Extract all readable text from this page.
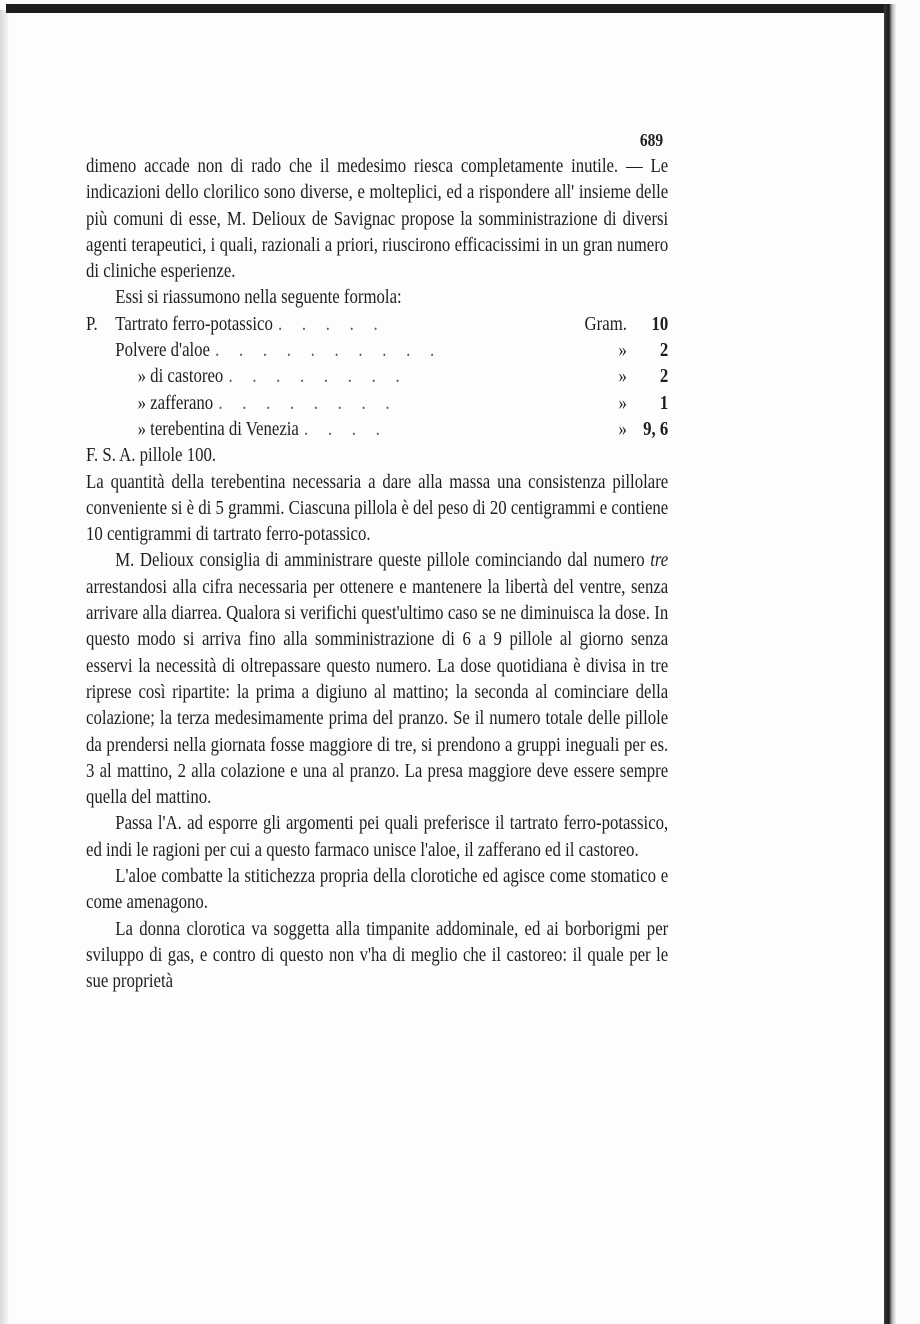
689

dimeno accade non di rado che il medesimo riesca completamente inutile. — Le indicazioni dello clorilico sono diverse, e molteplici, ed a rispondere all' insieme delle più comuni di esse, M. Delioux de Savignac propose la somministrazione di diversi agenti terapeutici, i quali, razionali a priori, riuscirono efficacissimi in un gran numero di cliniche esperienze.

Essi si riassumono nella seguente formola:

P. Tartrato ferro-potassico . . . . .	Gram.	10
Polvere d'aloe . . . . . . . . . .	»	2
» di castoreo . . . . . . . .	»	2
» zafferano . . . . . . . .	»	1
» terebentina di Venezia . . . .	» 9, 6

F. S. A. pillole 100.

La quantità della terebentina necessaria a dare alla massa una consistenza pillolare conveniente si è di 5 grammi. Ciascuna pillola è del peso di 20 centigrammi e contiene 10 centigrammi di tartrato ferro-potassico.

M. Delioux consiglia di amministrare queste pillole cominciando dal numero tre arrestandosi alla cifra necessaria per ottenere e mantenere la libertà del ventre, senza arrivare alla diarrea. Qualora si verifichi quest'ultimo caso se ne diminuisca la dose. In questo modo si arriva fino alla somministrazione di 6 a 9 pillole al giorno senza esservi la necessità di oltrepassare questo numero. La dose quotidiana è divisa in tre riprese così ripartite: la prima a digiuno al mattino; la seconda al cominciare della colazione; la terza medesimamente prima del pranzo. Se il numero totale delle pillole da prendersi nella giornata fosse maggiore di tre, si prendono a gruppi ineguali per es. 3 al mattino, 2 alla colazione e una al pranzo. La presa maggiore deve essere sempre quella del mattino.

Passa l'A. ad esporre gli argomenti pei quali preferisce il tartrato ferro-potassico, ed indi le ragioni per cui a questo farmaco unisce l'aloe, il zafferano ed il castoreo.

L'aloe combatte la stitichezza propria della clorotiche ed agisce come stomatico e come amenagono.

La donna clorotica va soggetta alla timpanite addominale, ed ai borborigmi per sviluppo di gas, e contro di questo non v'ha di meglio che il castoreo: il quale per le sue proprietà
